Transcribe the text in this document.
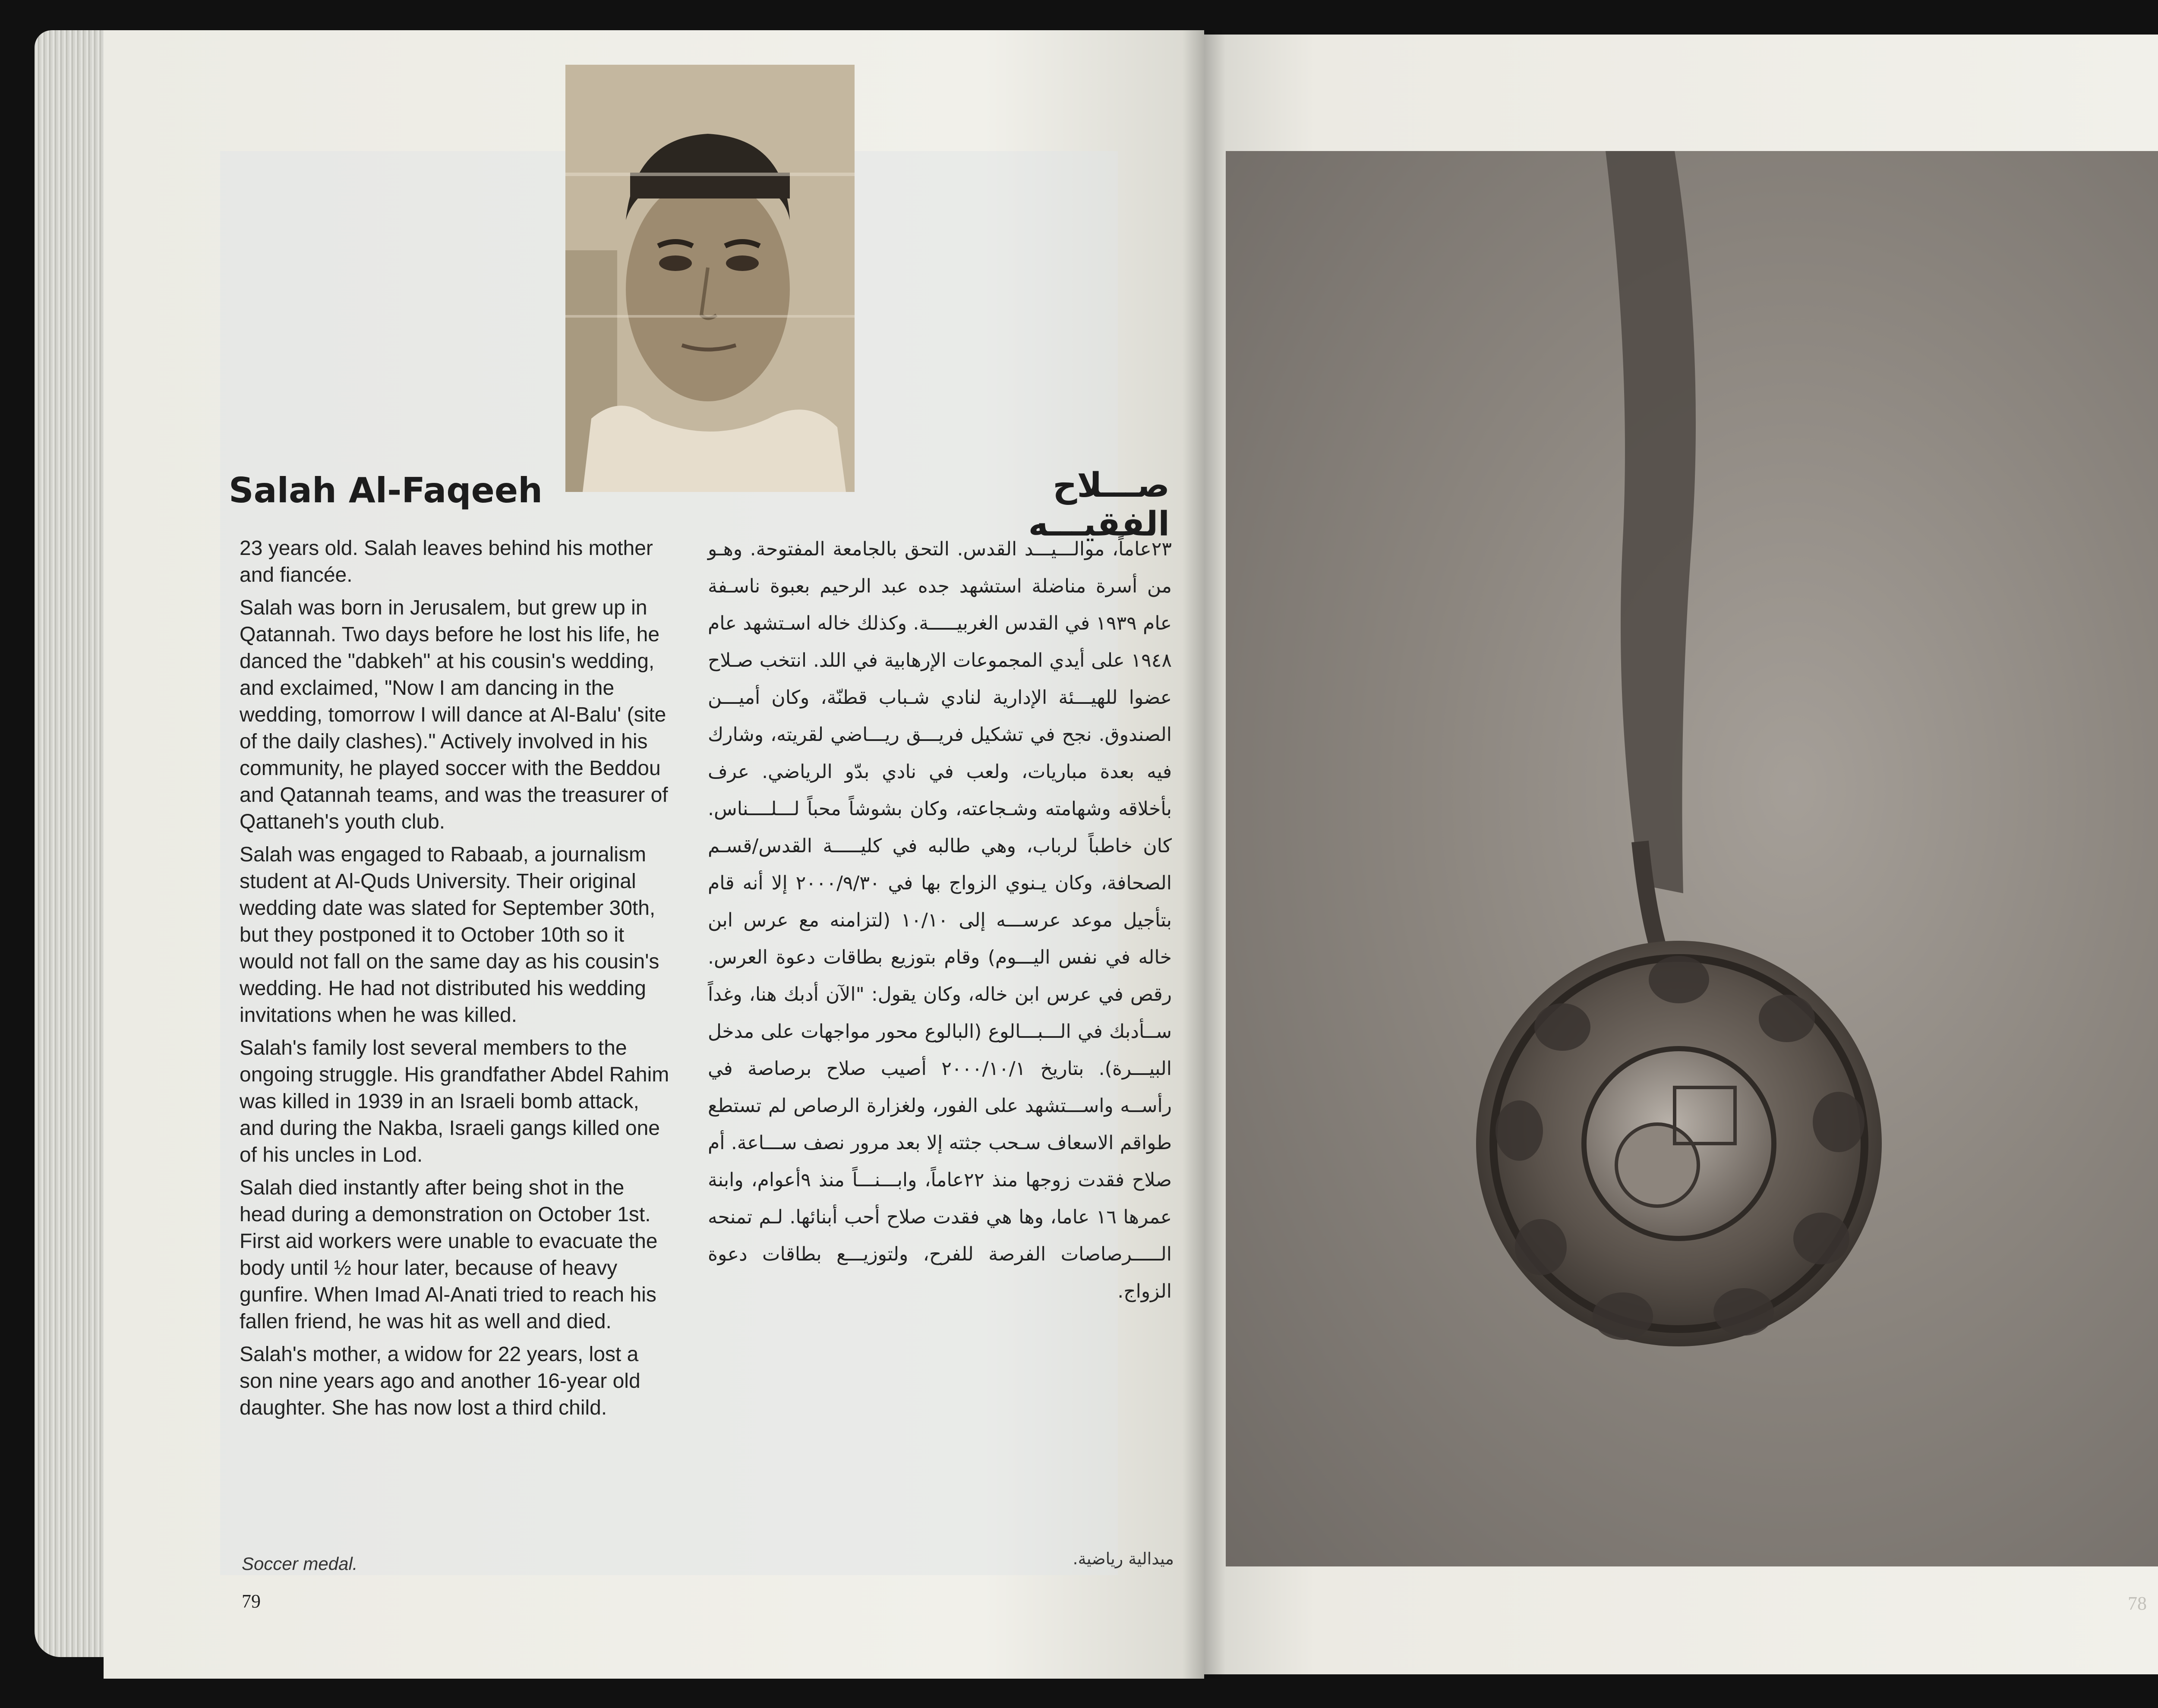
Salah Al-Faqeeh	صـــلاح الفقيـــه

23 years old. Salah leaves behind his mother and fiancée.

Salah was born in Jerusalem, but grew up in Qatannah. Two days before he lost his life, he danced the "dabkeh" at his cousin's wedding, and exclaimed, "Now I am dancing in the wedding, tomorrow I will dance at Al-Balu' (site of the daily clashes)." Actively involved in his community, he played soccer with the Beddou and Qatannah teams, and was the treasurer of Qattaneh's youth club.

Salah was engaged to Rabaab, a journalism student at Al-Quds University. Their original wedding date was slated for September 30th, but they postponed it to October 10th so it would not fall on the same day as his cousin's wedding. He had not distributed his wedding invitations when he was killed.

Salah's family lost several members to the ongoing struggle. His grandfather Abdel Rahim was killed in 1939 in an Israeli bomb attack, and during the Nakba, Israeli gangs killed one of his uncles in Lod.

Salah died instantly after being shot in the head during a demonstration on October 1st. First aid workers were unable to evacuate the body until ½ hour later, because of heavy gunfire. When Imad Al-Anati tried to reach his fallen friend, he was hit as well and died.

Salah's mother, a widow for 22 years, lost a son nine years ago and another 16-year old daughter. She has now lost a third child.

٢٣عاماً، موالـــيـــد القدس. التحق بالجامعة المفتوحة. وهـو من أسرة مناضلة استشهد جده عبد الرحيم بعبوة ناسـفة عام ١٩٣٩ في القدس الغربيـــــة. وكذلك خاله اسـتشهد عام ١٩٤٨ على أيدي المجموعات الإرهابية في اللد. انتخب صـلاح عضوا للهيـــئة الإدارية لنادي شـباب قطنّة، وكان أميـــن الصندوق. نجح في تشكيل فريـــق ريـــاضي لقريته، وشارك فيه بعدة مباريات، ولعب في نادي بدّو الرياضي. عرف بأخلاقه وشهامته وشـجاعته، وكان بشوشاً محباً لـــلــــناس. كان خاطباً لرباب، وهي طالبه في كليـــــة القدس/قسـم الصحافة، وكان يـنوي الزواج بها في ٢٠٠٠/٩/٣٠ إلا أنه قام بتأجيل موعد عرســـه إلى ١٠/١٠ (لتزامنه مع عرس ابن خاله في نفس اليـــوم) وقام بتوزيع بطاقات دعوة العرس. رقص في عرس ابن خاله، وكان يقول: "الآن أدبك هنا، وغداً ســأدبك في الـــبـــالوع (البالوع محور مواجهات على مدخل البيـــرة). بتاريخ ٢٠٠٠/١٠/١ أصيب صلاح برصاصة في رأســه واســـتشهد على الفور، ولغزارة الرصاص لم تستطع طواقم الاسعاف سـحب جثته إلا بعد مرور نصف ســـاعة. أم صلاح فقدت زوجها منذ ٢٢عاماً، وابـــنـــاً منذ ٩أعوام، وابنة عمرها ١٦ عاما، وها هي فقدت صلاح أحب أبنائها. لـم تمنحه الـــــرصاصات الفرصة للفرح، ولتوزيـــع بطاقات دعوة الزواج.
Soccer medal.	ميدالية رياضية.
79	78
